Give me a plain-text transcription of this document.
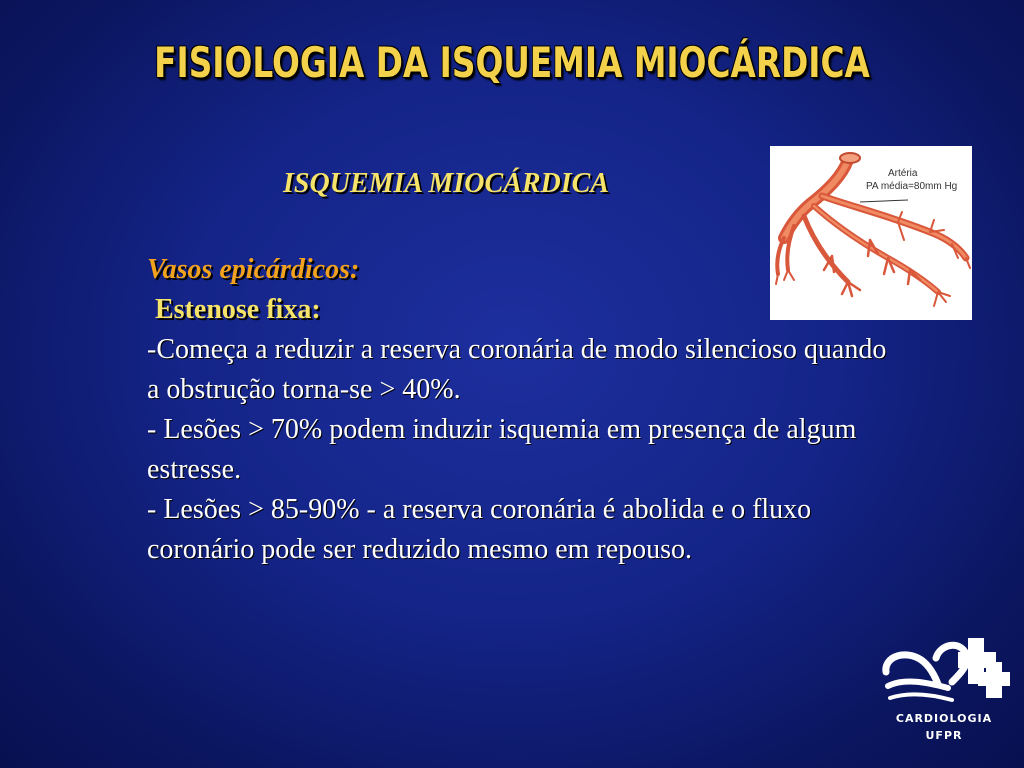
FISIOLOGIA DA ISQUEMIA MIOCÁRDICA
ISQUEMIA MIOCÁRDICA
Vasos epicárdicos:
Estenose fixa:
-Começa a reduzir a reserva coronária de modo silencioso quando a obstrução torna-se > 40%.
- Lesões > 70% podem induzir isquemia em presença de algum estresse.
- Lesões > 85-90% - a reserva coronária é abolida e o fluxo coronário pode ser reduzido mesmo em repouso.
Artéria
PA média=80mm Hg
CARDIOLOGIA
UFPR
